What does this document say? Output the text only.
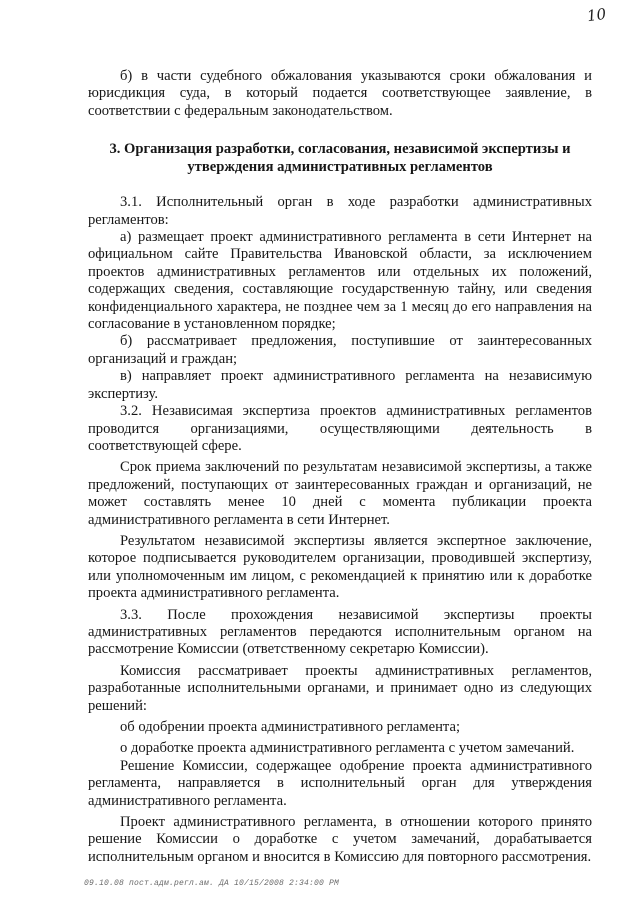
10

б) в части судебного обжалования указываются сроки обжалования и юрисдикция суда, в который подается соответствующее заявление, в соответствии с федеральным законодательством.

3. Организация разработки, согласования, независимой экспертизы и утверждения административных регламентов

3.1. Исполнительный орган в ходе разработки административных регламентов:

а) размещает проект административного регламента в сети Интернет на официальном сайте Правительства Ивановской области, за исключением проектов административных регламентов или отдельных их положений, содержащих сведения, составляющие государственную тайну, или сведения конфиденциального характера, не позднее чем за 1 месяц до его направления на согласование в установленном порядке;

б) рассматривает предложения, поступившие от заинтересованных организаций и граждан;

в) направляет проект административного регламента на независимую экспертизу.

3.2. Независимая экспертиза проектов административных регламентов проводится организациями, осуществляющими деятельность в соответствующей сфере.

Срок приема заключений по результатам независимой экспертизы, а также предложений, поступающих от заинтересованных граждан и организаций, не может составлять менее 10 дней с момента публикации проекта административного регламента в сети Интернет.

Результатом независимой экспертизы является экспертное заключение, которое подписывается руководителем организации, проводившей экспертизу, или уполномоченным им лицом, с рекомендацией к принятию или к доработке проекта административного регламента.

3.3. После прохождения независимой экспертизы проекты административных регламентов передаются исполнительным органом на рассмотрение Комиссии (ответственному секретарю Комиссии).

Комиссия рассматривает проекты административных регламентов, разработанные исполнительными органами, и принимает одно из следующих решений:

об одобрении проекта административного регламента;

о доработке проекта административного регламента с учетом замечаний.

Решение Комиссии, содержащее одобрение проекта административного регламента, направляется в исполнительный орган для утверждения административного регламента.

Проект административного регламента, в отношении которого принято решение Комиссии о доработке с учетом замечаний, дорабатывается исполнительным органом и вносится в Комиссию для повторного рассмотрения.

09.10.08 пост.адм.регл.ам. ДА 10/15/2008 2:34:00 PM
